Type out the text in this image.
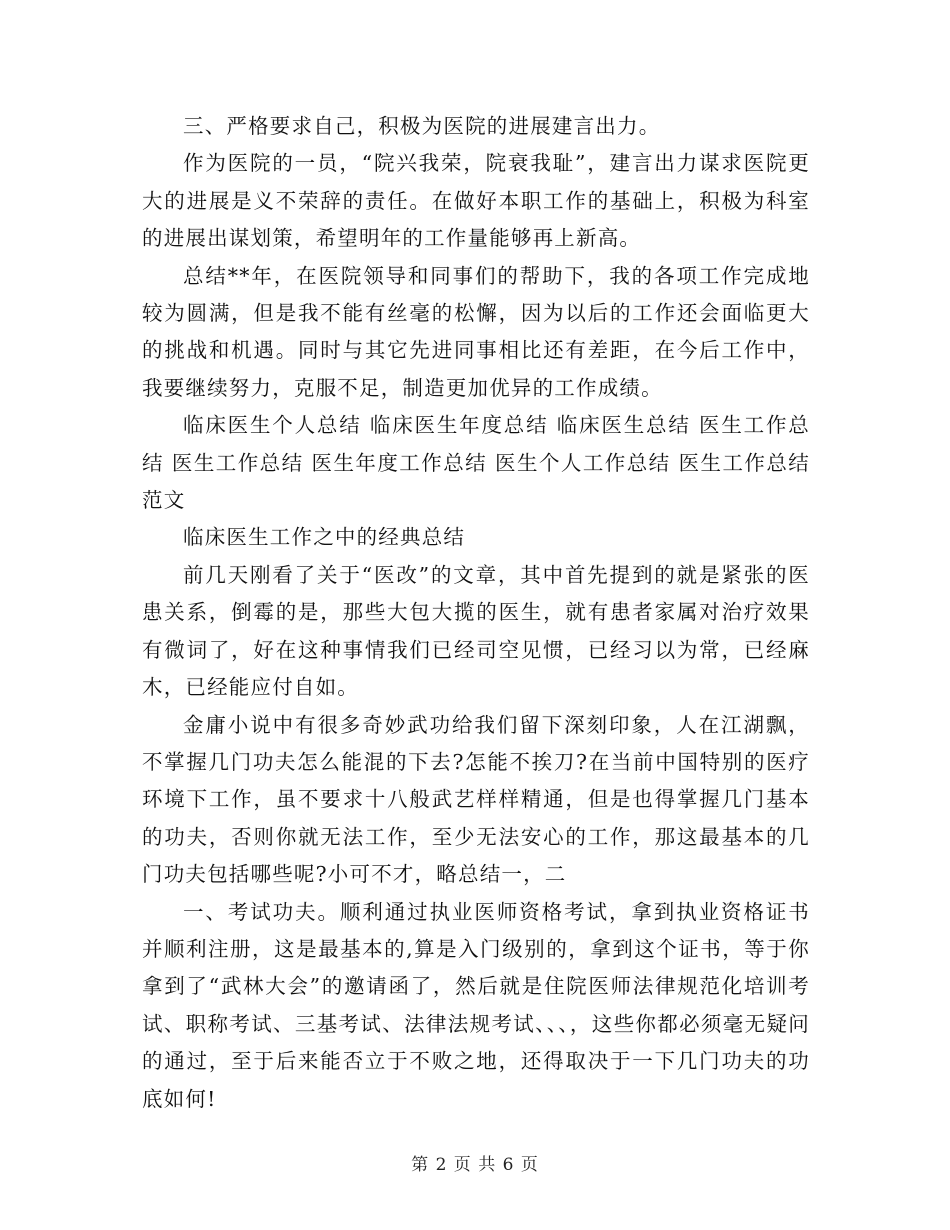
三、严格要求自己，积极为医院的进展建言出力。

作为医院的一员，“院兴我荣，院衰我耻”，建言出力谋求医院更大的进展是义不荣辞的责任。在做好本职工作的基础上，积极为科室的进展出谋划策，希望明年的工作量能够再上新高。

总结**年，在医院领导和同事们的帮助下，我的各项工作完成地较为圆满，但是我不能有丝毫的松懈，因为以后的工作还会面临更大的挑战和机遇。同时与其它先进同事相比还有差距，在今后工作中，我要继续努力，克服不足，制造更加优异的工作成绩。

临床医生个人总结 临床医生年度总结 临床医生总结 医生工作总结 医生工作总结 医生年度工作总结 医生个人工作总结 医生工作总结范文

临床医生工作之中的经典总结

前几天刚看了关于“医改”的文章，其中首先提到的就是紧张的医患关系，倒霉的是，那些大包大揽的医生，就有患者家属对治疗效果有微词了，好在这种事情我们已经司空见惯，已经习以为常，已经麻木，已经能应付自如。

金庸小说中有很多奇妙武功给我们留下深刻印象，人在江湖飘，不掌握几门功夫怎么能混的下去?怎能不挨刀?在当前中国特别的医疗环境下工作，虽不要求十八般武艺样样精通，但是也得掌握几门基本的功夫，否则你就无法工作，至少无法安心的工作，那这最基本的几门功夫包括哪些呢?小可不才，略总结一，二

一、考试功夫。顺利通过执业医师资格考试，拿到执业资格证书并顺利注册，这是最基本的,算是入门级别的，拿到这个证书，等于你拿到了“武林大会”的邀请函了，然后就是住院医师法律规范化培训考试、职称考试、三基考试、法律法规考试、、、，这些你都必须毫无疑问的通过，至于后来能否立于不败之地，还得取决于一下几门功夫的功底如何!

第 2 页 共 6 页
